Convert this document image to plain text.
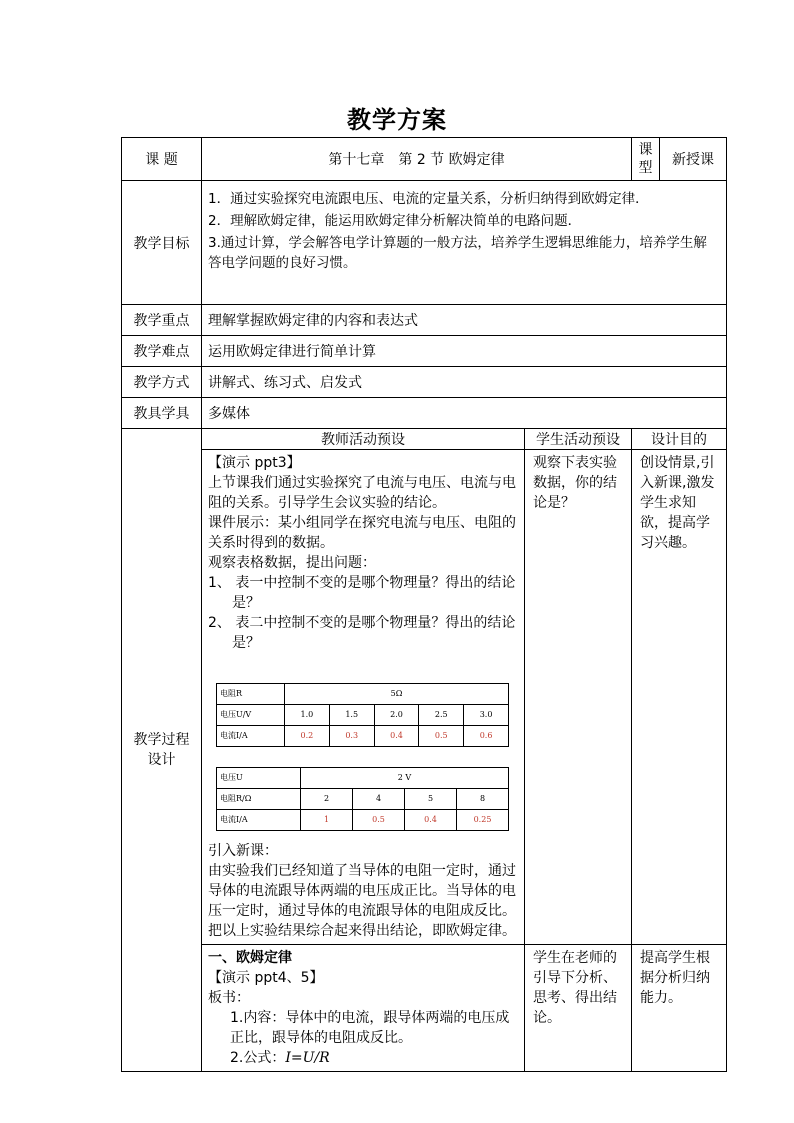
教学方案
课 题	第十七章　第 2 节 欧姆定律	课型	新授课
教学目标	
1．通过实验探究电流跟电压、电流的定量关系，分析归纳得到欧姆定律．
2．理解欧姆定律，能运用欧姆定律分析解决简单的电路问题．
3.通过计算，学会解答电学计算题的一般方法，培养学生逻辑思维能力，培养学生解答电学问题的良好习惯。

教学重点	理解掌握欧姆定律的内容和表达式
教学难点	运用欧姆定律进行简单计算
教学方式	讲解式、练习式、启发式
教具学具	多媒体

教学过程
设计
	教师活动预设	学生活动预设	设计目的

【演示 ppt3】

上节课我们通过实验探究了电流与电压、电流与电阻的关系。引导学生会议实验的结论。

课件展示：某小组同学在探究电流与电压、电阻的关系时得到的数据。

观察表格数据，提出问题：

1、 表一中控制不变的是哪个物理量？得出的结论是？

2、 表二中控制不变的是哪个物理量？得出的结论是？

电阻R	5Ω
电压U/V	1.0	1.5	2.0	2.5	3.0
电流I/A	0.2	0.3	0.4	0.5	0.6
电压U	2 V
电阻R/Ω	2	4	5	8
电流I/A	1	0.5	0.4	0.25

引入新课：

由实验我们已经知道了当导体的电阻一定时，通过导体的电流跟导体两端的电压成正比。当导体的电压一定时，通过导体的电流跟导体的电阻成反比。把以上实验结果综合起来得出结论，即欧姆定律。

	观察下表实验数据，你的结论是？	创设情景,引入新课,激发学生求知欲，提高学习兴趣。

一、欧姆定律

【演示 ppt4、5】

板书：

1.内容：导体中的电流，跟导体两端的电压成正比，跟导体的电阻成反比。

2.公式：I=U/R

	学生在老师的引导下分析、思考、得出结论。	提高学生根据分析归纳能力。
